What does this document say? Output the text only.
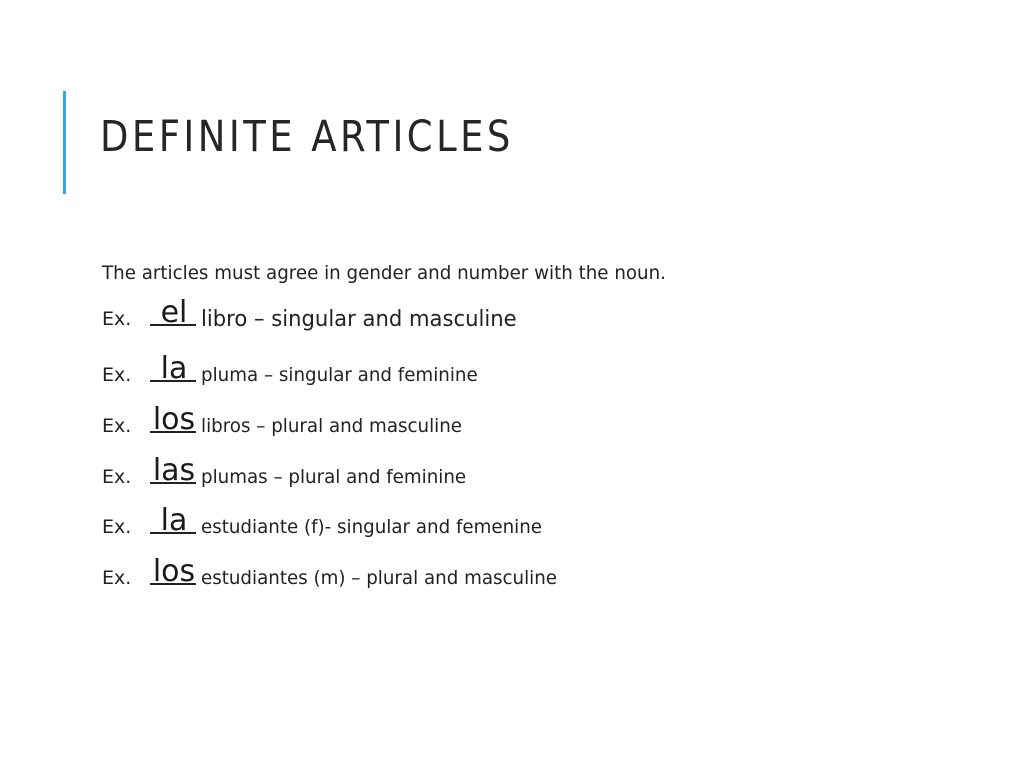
DEFINITE ARTICLES
The articles must agree in gender and number with the noun.
Ex. el libro – singular and masculine
Ex. la pluma – singular and feminine
Ex. los libros – plural and masculine
Ex. las plumas – plural and feminine
Ex. la estudiante (f)- singular and femenine
Ex. los estudiantes (m) – plural and masculine
